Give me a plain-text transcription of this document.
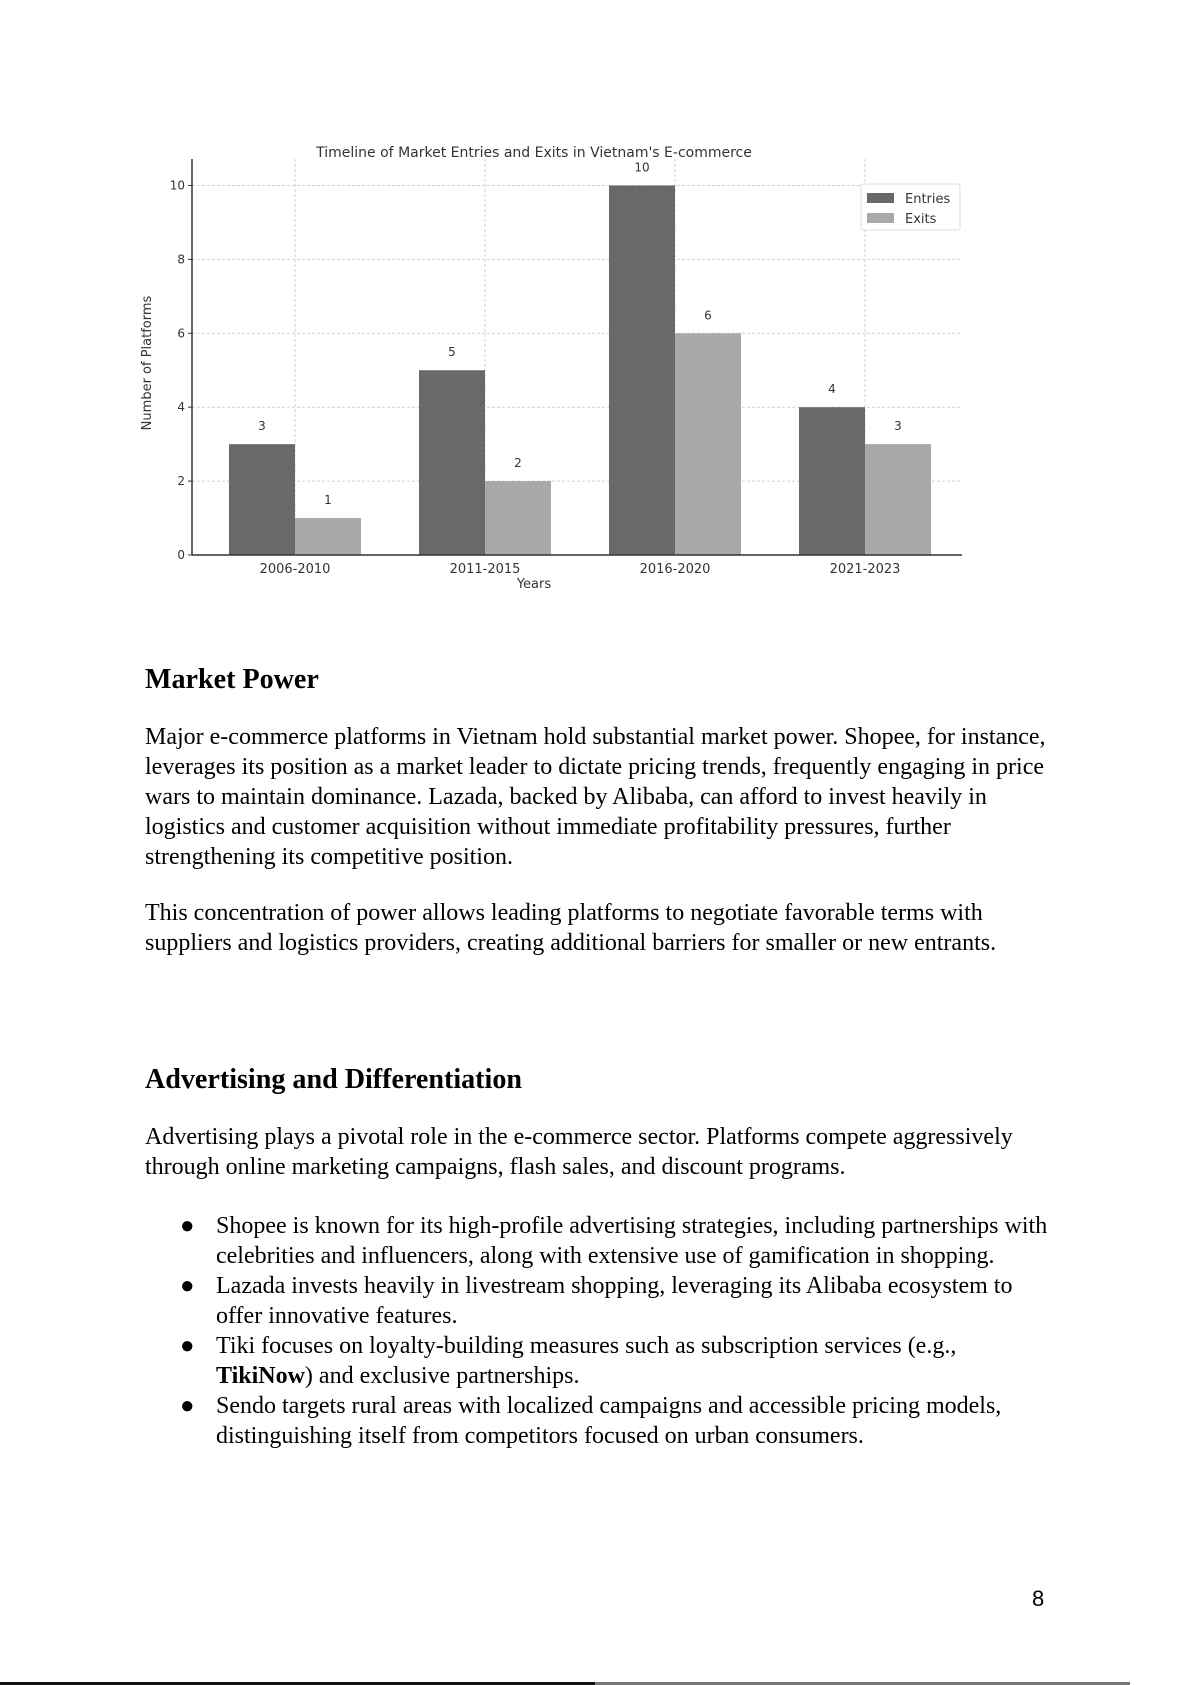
Timeline of Market Entries and Exits in Vietnam's E-commerce
3
1
5
2
10
6
4
3
0
2
4
6
8
10
2006-2010	2011-2015	2016-2020	2021-2023
Years
Number of Platforms
Entries
Exits
Market Power

Major e-commerce platforms in Vietnam hold substantial market power. Shopee, for instance, leverages its position as a market leader to dictate pricing trends, frequently engaging in price wars to maintain dominance. Lazada, backed by Alibaba, can afford to invest heavily in logistics and customer acquisition without immediate profitability pressures, further strengthening its competitive position.

This concentration of power allows leading platforms to negotiate favorable terms with suppliers and logistics providers, creating additional barriers for smaller or new entrants.

Advertising and Differentiation

Advertising plays a pivotal role in the e-commerce sector. Platforms compete aggressively through online marketing campaigns, flash sales, and discount programs.

● Shopee is known for its high-profile advertising strategies, including partnerships with celebrities and influencers, along with extensive use of gamification in shopping.
● Lazada invests heavily in livestream shopping, leveraging its Alibaba ecosystem to offer innovative features.
● Tiki focuses on loyalty-building measures such as subscription services (e.g., TikiNow) and exclusive partnerships.
● Sendo targets rural areas with localized campaigns and accessible pricing models, distinguishing itself from competitors focused on urban consumers.
8
